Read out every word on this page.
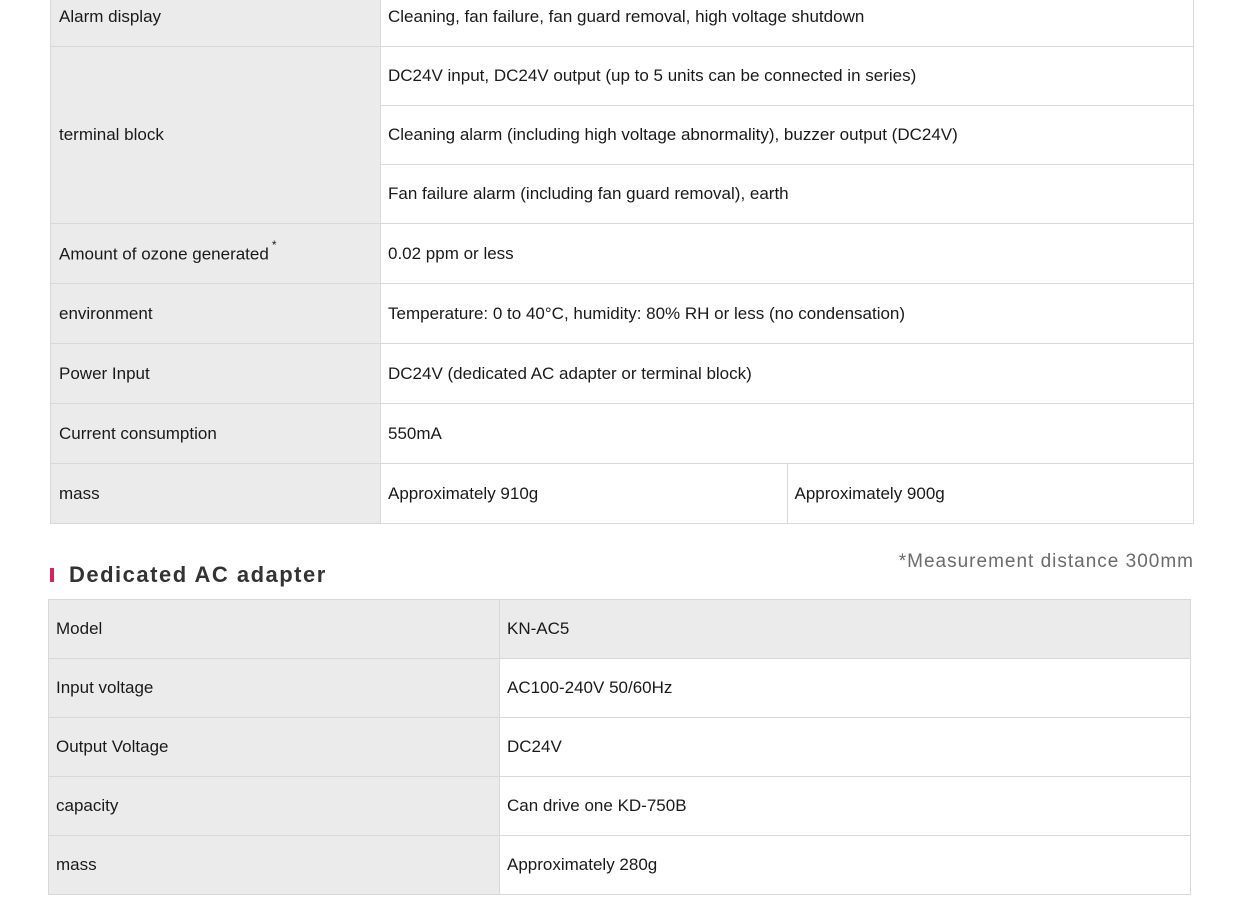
Alarm display	Cleaning, fan failure, fan guard removal, high voltage shutdown	
terminal block	DC24V input, DC24V output (up to 5 units can be connected in series)	
	Cleaning alarm (including high voltage abnormality), buzzer output (DC24V)	
	Fan failure alarm (including fan guard removal), earth	
Amount of ozone generated *	0.02 ppm or less	
environment	Temperature: 0 to 40°C, humidity: 80% RH or less (no condensation)	
Power Input	DC24V (dedicated AC adapter or terminal block)	
Current consumption	550mA	
mass	Approximately 910g	Approximately 900g
Dedicated AC adapter
*Measurement distance 300mm
Model	KN-AC5
Input voltage	AC100-240V 50/60Hz
Output Voltage	DC24V
capacity	Can drive one KD-750B
mass	Approximately 280g
